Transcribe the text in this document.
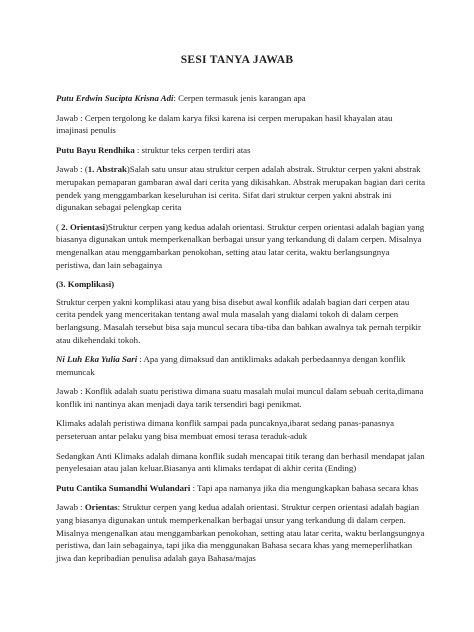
SESI TANYA JAWAB

Putu Erdwin Sucipta Krisna Adi: Cerpen termasuk jenis karangan apa

Jawab : Cerpen tergolong ke dalam karya fiksi karena isi cerpen merupakan hasil khayalan atau imajinasi penulis

Putu Bayu Rendhika : struktur teks cerpen terdiri atas

Jawab : (1. Abstrak)Salah satu unsur atau struktur cerpen adalah abstrak. Struktur cerpen yakni abstrak merupakan pemaparan gambaran awal dari cerita yang dikisahkan. Abstrak merupakan bagian dari cerita pendek yang menggambarkan keseluruhan isi cerita. Sifat dari struktur cerpen yakni abstrak ini digunakan sebagai pelengkap cerita

( 2. Orientasi)Struktur cerpen yang kedua adalah orientasi. Struktur cerpen orientasi adalah bagian yang biasanya digunakan untuk memperkenalkan berbagai unsur yang terkandung di dalam cerpen. Misalnya mengenalkan atau menggambarkan penokohan, setting atau latar cerita, waktu berlangsungnya peristiwa, dan lain sebagainya

(3. Komplikasi)

Struktur cerpen yakni komplikasi atau yang bisa disebut awal konflik adalah bagian dari cerpen atau cerita pendek yang menceritakan tentang awal mula masalah yang dialami tokoh di dalam cerpen berlangsung. Masalah tersebut bisa saja muncul secara tiba-tiba dan bahkan awalnya tak pernah terpikir atau dikehendaki tokoh.

Ni Luh Eka Yulia Sari : Apa yang dimaksud dan antiklimaks adakah perbedaannya dengan konflik memuncak

Jawab : Konflik adalah suatu peristiwa dimana suatu masalah mulai muncul dalam sebuah cerita,dimana konflik ini nantinya akan menjadi daya tarik tersendiri bagi penikmat.

Klimaks adalah peristiwa dimana konflik sampai pada puncaknya,ibarat sedang panas-panasnya perseteruan antar pelaku yang bisa membuat emosi terasa teraduk-aduk

Sedangkan Anti Klimaks adalah dimana konflik sudah mencapai titik terang dan berhasil mendapat jalan penyelesaian atau jalan keluar.Biasanya anti klimaks terdapat di akhir cerita (Ending)

Putu Cantika Sumandhi Wulandari : Tapi apa namanya jika dia mengungkapkan bahasa secara khas

Jawab : Orientas: Struktur cerpen yang kedua adalah orientasi. Struktur cerpen orientasi adalah bagian yang biasanya digunakan untuk memperkenalkan berbagai unsur yang terkandung di dalam cerpen. Misalnya mengenalkan atau menggambarkan penokohan, setting atau latar cerita, waktu berlangsungnya peristiwa, dan lain sebagainya, tapi jika dia menggunakan Bahasa secara khas yang memeperlihatkan jiwa dan kepribadian penulisa adalah gaya Bahasa/majas
